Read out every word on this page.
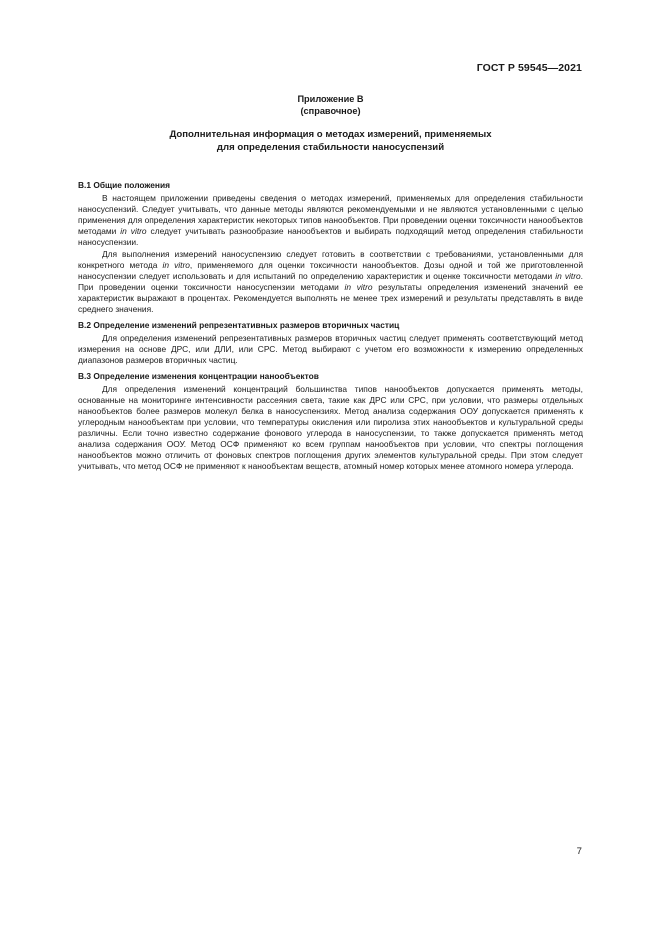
ГОСТ Р 59545—2021
Приложение В
(справочное)
Дополнительная информация о методах измерений, применяемых
для определения стабильности наносуспензий
В.1 Общие положения

В настоящем приложении приведены сведения о методах измерений, применяемых для определения стабильности наносуспензий. Следует учитывать, что данные методы являются рекомендуемыми и не являются установленными с целью применения для определения характеристик некоторых типов нанообъектов. При проведении оценки токсичности нанообъектов методами in vitro следует учитывать разнообразие нанообъектов и выбирать подходящий метод определения стабильности наносуспензии.

Для выполнения измерений наносуспензию следует готовить в соответствии с требованиями, установленными для конкретного метода in vitro, применяемого для оценки токсичности нанообъектов. Дозы одной и той же приготовленной наносуспензии следует использовать и для испытаний по определению характеристик и оценке токсичности методами in vitro. При проведении оценки токсичности наносуспензии методами in vitro результаты определения изменений значений ее характеристик выражают в процентах. Рекомендуется выполнять не менее трех измерений и результаты представлять в виде среднего значения.

В.2 Определение изменений репрезентативных размеров вторичных частиц

Для определения изменений репрезентативных размеров вторичных частиц следует применять соответствующий метод измерения на основе ДРС, или ДЛИ, или СРС. Метод выбирают с учетом его возможности к измерению определенных диапазонов размеров вторичных частиц.

В.3 Определение изменения концентрации нанообъектов

Для определения изменений концентраций большинства типов нанообъектов допускается применять методы, основанные на мониторинге интенсивности рассеяния света, такие как ДРС или СРС, при условии, что размеры отдельных нанообъектов более размеров молекул белка в наносуспензиях. Метод анализа содержания ООУ допускается применять к углеродным нанообъектам при условии, что температуры окисления или пиролиза этих нанообъектов и культуральной среды различны. Если точно известно содержание фонового углерода в наносуспензии, то также допускается применять метод анализа содержания ООУ. Метод ОСФ применяют ко всем группам нанообъектов при условии, что спектры поглощения нанообъектов можно отличить от фоновых спектров поглощения других элементов культуральной среды. При этом следует учитывать, что метод ОСФ не применяют к нанообъектам веществ, атомный номер которых менее атомного номера углерода.

7
